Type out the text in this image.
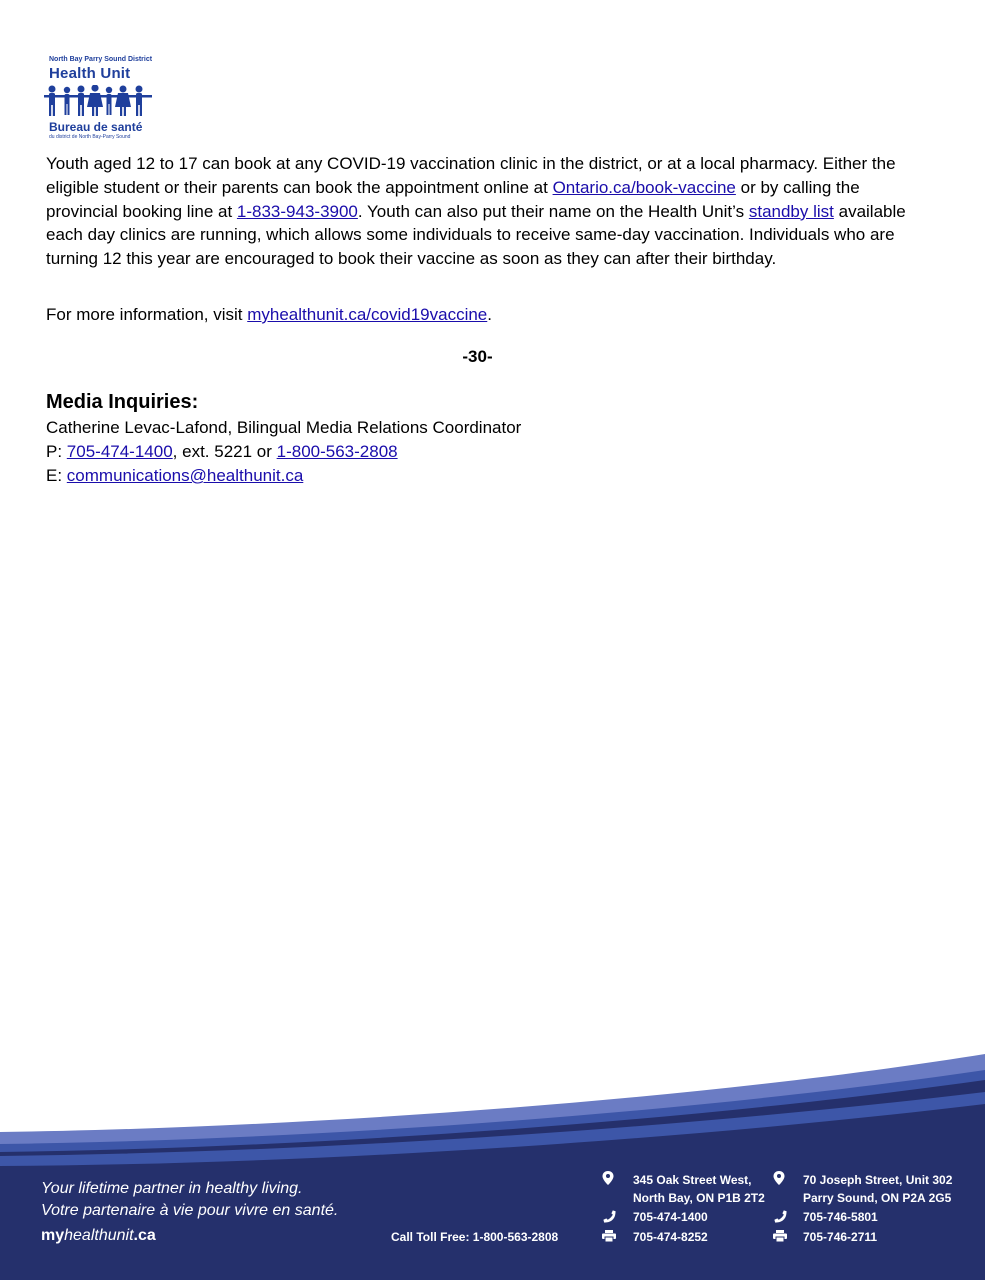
North Bay Parry Sound District
Health Unit
Bureau de santé
du district de North Bay-Parry Sound

Youth aged 12 to 17 can book at any COVID-19 vaccination clinic in the district, or at a local pharmacy. Either the eligible student or their parents can book the appointment online at Ontario.ca/book-vaccine or by calling the provincial booking line at 1-833-943-3900. Youth can also put their name on the Health Unit’s standby list available each day clinics are running, which allows some individuals to receive same-day vaccination. Individuals who are turning 12 this year are encouraged to book their vaccine as soon as they can after their birthday.

For more information, visit myhealthunit.ca/covid19vaccine.

-30-
Media Inquiries:
Catherine Levac-Lafond, Bilingual Media Relations Coordinator
P: 705-474-1400, ext. 5221 or 1-800-563-2808
E: communications@healthunit.ca
Your lifetime partner in healthy living.
Votre partenaire à vie pour vivre en santé.
myhealthunit.ca	Call Toll Free: 1-800-563-2808
345 Oak Street West,
North Bay, ON P1B 2T2
705-474-1400
705-474-8252
70 Joseph Street, Unit 302
Parry Sound, ON P2A 2G5
705-746-5801
705-746-2711
